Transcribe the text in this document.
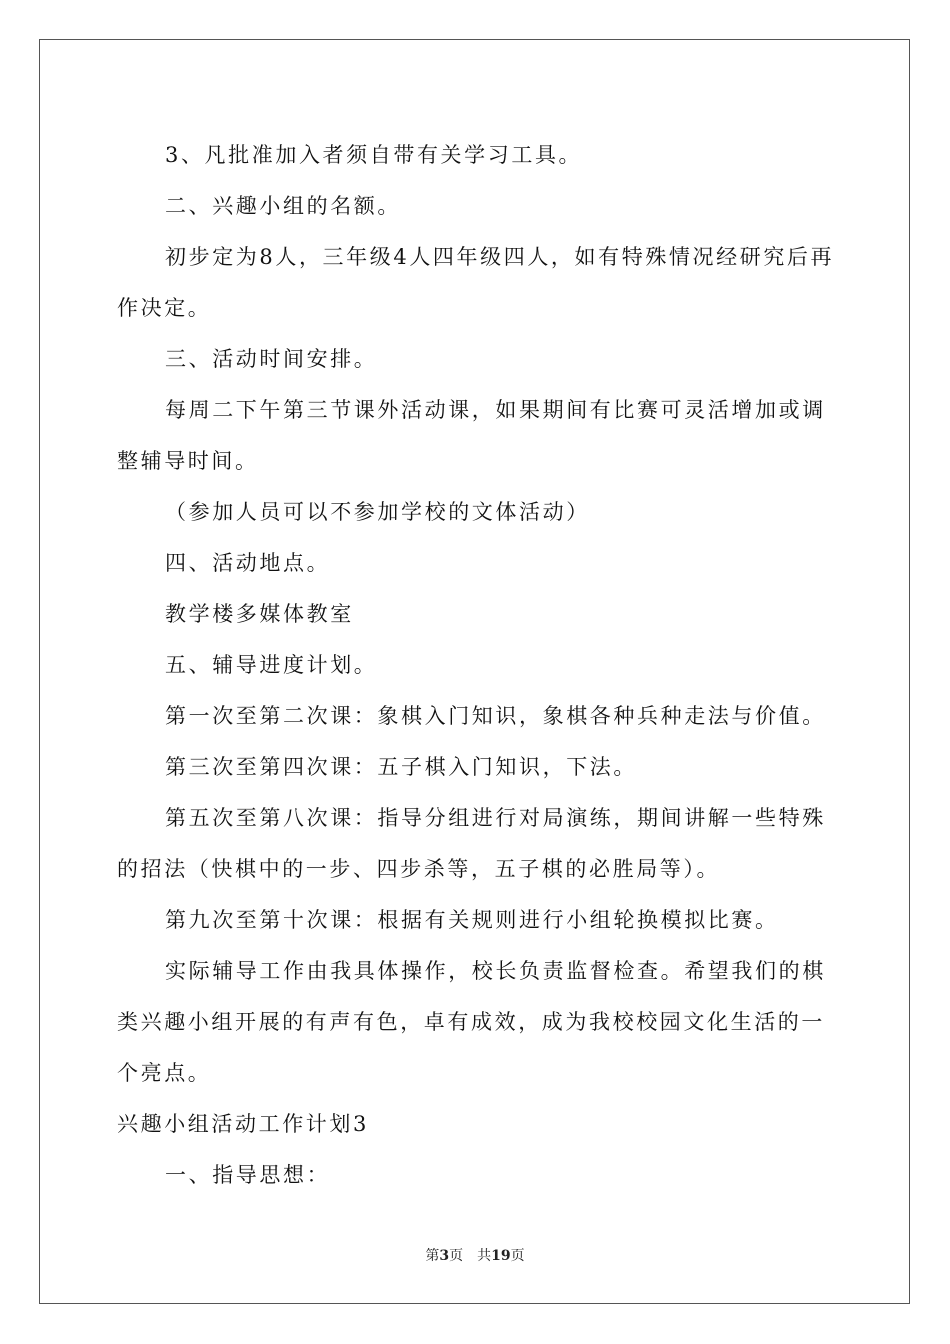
3、凡批准加入者须自带有关学习工具。

二、兴趣小组的名额。

初步定为8人，三年级4人四年级四人，如有特殊情况经研究后再作决定。

三、活动时间安排。

每周二下午第三节课外活动课，如果期间有比赛可灵活增加或调整辅导时间。

（参加人员可以不参加学校的文体活动）

四、活动地点。

教学楼多媒体教室

五、辅导进度计划。

第一次至第二次课：象棋入门知识，象棋各种兵种走法与价值。

第三次至第四次课：五子棋入门知识，下法。

第五次至第八次课：指导分组进行对局演练，期间讲解一些特殊的招法（快棋中的一步、四步杀等，五子棋的必胜局等）。

第九次至第十次课：根据有关规则进行小组轮换模拟比赛。

实际辅导工作由我具体操作，校长负责监督检查。希望我们的棋类兴趣小组开展的有声有色，卓有成效，成为我校校园文化生活的一个亮点。

兴趣小组活动工作计划3

一、指导思想：

第3页　共19页
